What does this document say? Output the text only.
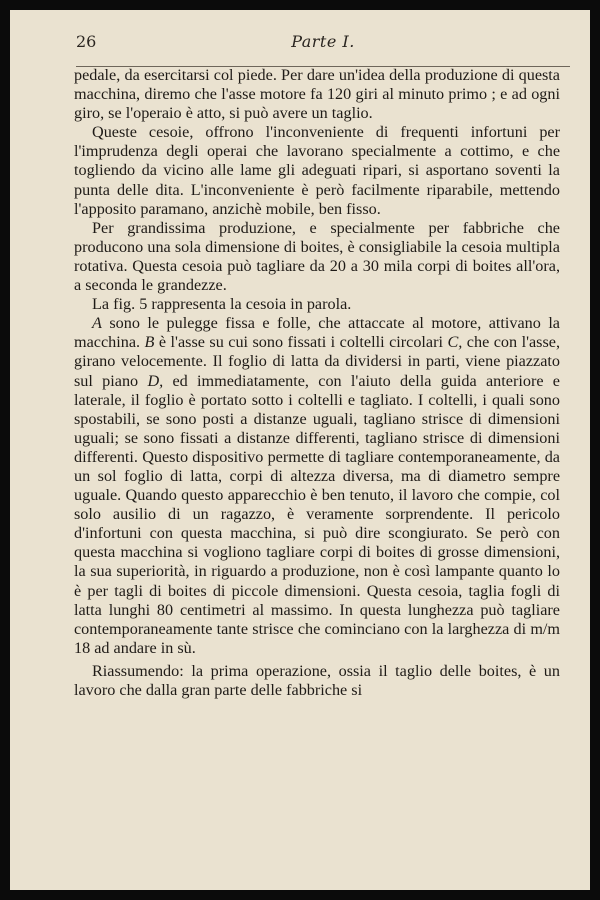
26	Parte I.

pedale, da esercitarsi col piede. Per dare un'idea della produzione di questa macchina, diremo che l'asse motore fa 120 giri al minuto primo ; e ad ogni giro, se l'operaio è atto, si può avere un taglio.

Queste cesoie, offrono l'inconveniente di frequenti infortuni per l'imprudenza degli operai che lavorano specialmente a cottimo, e che togliendo da vicino alle lame gli adeguati ripari, si asportano soventi la punta delle dita. L'inconveniente è però facilmente riparabile, mettendo l'apposito paramano, anzichè mobile, ben fisso.

Per grandissima produzione, e specialmente per fabbriche che producono una sola dimensione di boites, è consigliabile la cesoia multipla rotativa. Questa cesoia può tagliare da 20 a 30 mila corpi di boites all'ora, a seconda le grandezze.

La fig. 5 rappresenta la cesoia in parola.

A sono le pulegge fissa e folle, che attaccate al motore, attivano la macchina. B è l'asse su cui sono fissati i coltelli circolari C, che con l'asse, girano velocemente. Il foglio di latta da dividersi in parti, viene piazzato sul piano D, ed immediatamente, con l'aiuto della guida anteriore e laterale, il foglio è portato sotto i coltelli e tagliato. I coltelli, i quali sono spostabili, se sono posti a distanze uguali, tagliano strisce di dimensioni uguali; se sono fissati a distanze differenti, tagliano strisce di dimensioni differenti. Questo dispositivo permette di tagliare contemporaneamente, da un sol foglio di latta, corpi di altezza diversa, ma di diametro sempre uguale. Quando questo apparecchio è ben tenuto, il lavoro che compie, col solo ausilio di un ragazzo, è veramente sorprendente. Il pericolo d'infortuni con questa macchina, si può dire scongiurato. Se però con questa macchina si vogliono tagliare corpi di boites di grosse dimensioni, la sua superiorità, in riguardo a produzione, non è così lampante quanto lo è per tagli di boites di piccole dimensioni. Questa cesoia, taglia fogli di latta lunghi 80 centimetri al massimo. In questa lunghezza può tagliare contemporaneamente tante strisce che cominciano con la larghezza di m/m 18 ad andare in sù.

Riassumendo: la prima operazione, ossia il taglio delle boites, è un lavoro che dalla gran parte delle fabbriche si
